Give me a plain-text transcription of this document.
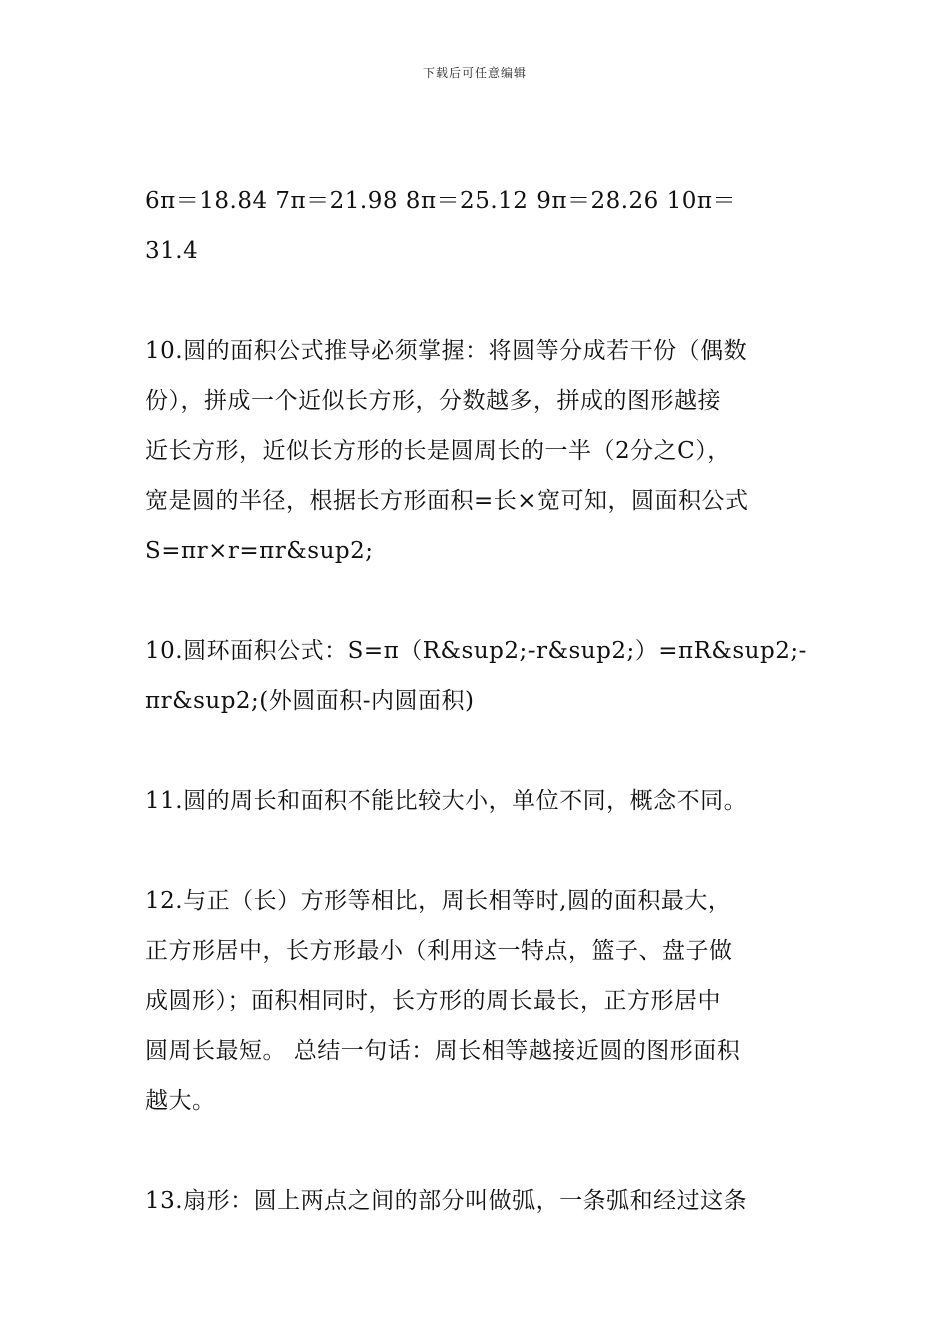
下载后可任意编辑
6π＝18.84 7π＝21.98 8π＝25.12 9π＝28.26 10π＝
31.4
10.圆的面积公式推导必须掌握：将圆等分成若干份（偶数
份），拼成一个近似长方形，分数越多，拼成的图形越接
近长方形，近似长方形的长是圆周长的一半（2分之C），
宽是圆的半径，根据长方形面积=长×宽可知，圆面积公式
S=πr×r=πr&sup2;
10.圆环面积公式：S=π（R&sup2;-r&sup2;）=πR&sup2;-
πr&sup2;(外圆面积-内圆面积)
11.圆的周长和面积不能比较大小，单位不同，概念不同。
12.与正（长）方形等相比，周长相等时,圆的面积最大，
正方形居中，长方形最小（利用这一特点，篮子、盘子做
成圆形）；面积相同时，长方形的周长最长，正方形居中
圆周长最短。 总结一句话：周长相等越接近圆的图形面积
越大。
13.扇形：圆上两点之间的部分叫做弧，一条弧和经过这条
